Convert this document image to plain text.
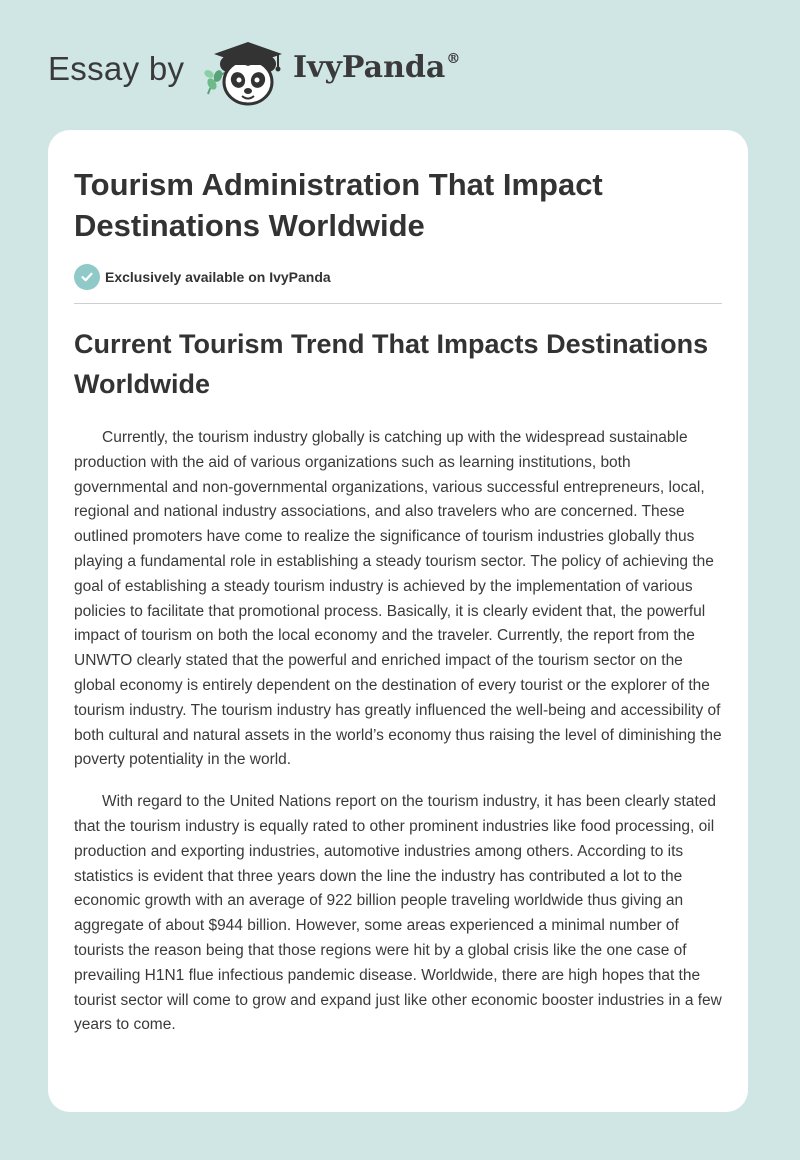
Essay by	IvyPanda®
Tourism Administration That Impact Destinations Worldwide
Exclusively available on IvyPanda
Current Tourism Trend That Impacts Destinations Worldwide

Currently, the tourism industry globally is catching up with the widespread sustainable production with the aid of various organizations such as learning institutions, both governmental and non-governmental organizations, various successful entrepreneurs, local, regional and national industry associations, and also travelers who are concerned. These outlined promoters have come to realize the significance of tourism industries globally thus playing a fundamental role in establishing a steady tourism sector. The policy of achieving the goal of establishing a steady tourism industry is achieved by the implementation of various policies to facilitate that promotional process. Basically, it is clearly evident that, the powerful impact of tourism on both the local economy and the traveler. Currently, the report from the UNWTO clearly stated that the powerful and enriched impact of the tourism sector on the global economy is entirely dependent on the destination of every tourist or the explorer of the tourism industry. The tourism industry has greatly influenced the well-being and accessibility of both cultural and natural assets in the world’s economy thus raising the level of diminishing the poverty potentiality in the world.

With regard to the United Nations report on the tourism industry, it has been clearly stated that the tourism industry is equally rated to other prominent industries like food processing, oil production and exporting industries, automotive industries among others. According to its statistics is evident that three years down the line the industry has contributed a lot to the economic growth with an average of 922 billion people traveling worldwide thus giving an aggregate of about $944 billion. However, some areas experienced a minimal number of tourists the reason being that those regions were hit by a global crisis like the one case of prevailing H1N1 flue infectious pandemic disease. Worldwide, there are high hopes that the tourist sector will come to grow and expand just like other economic booster industries in a few years to come.
